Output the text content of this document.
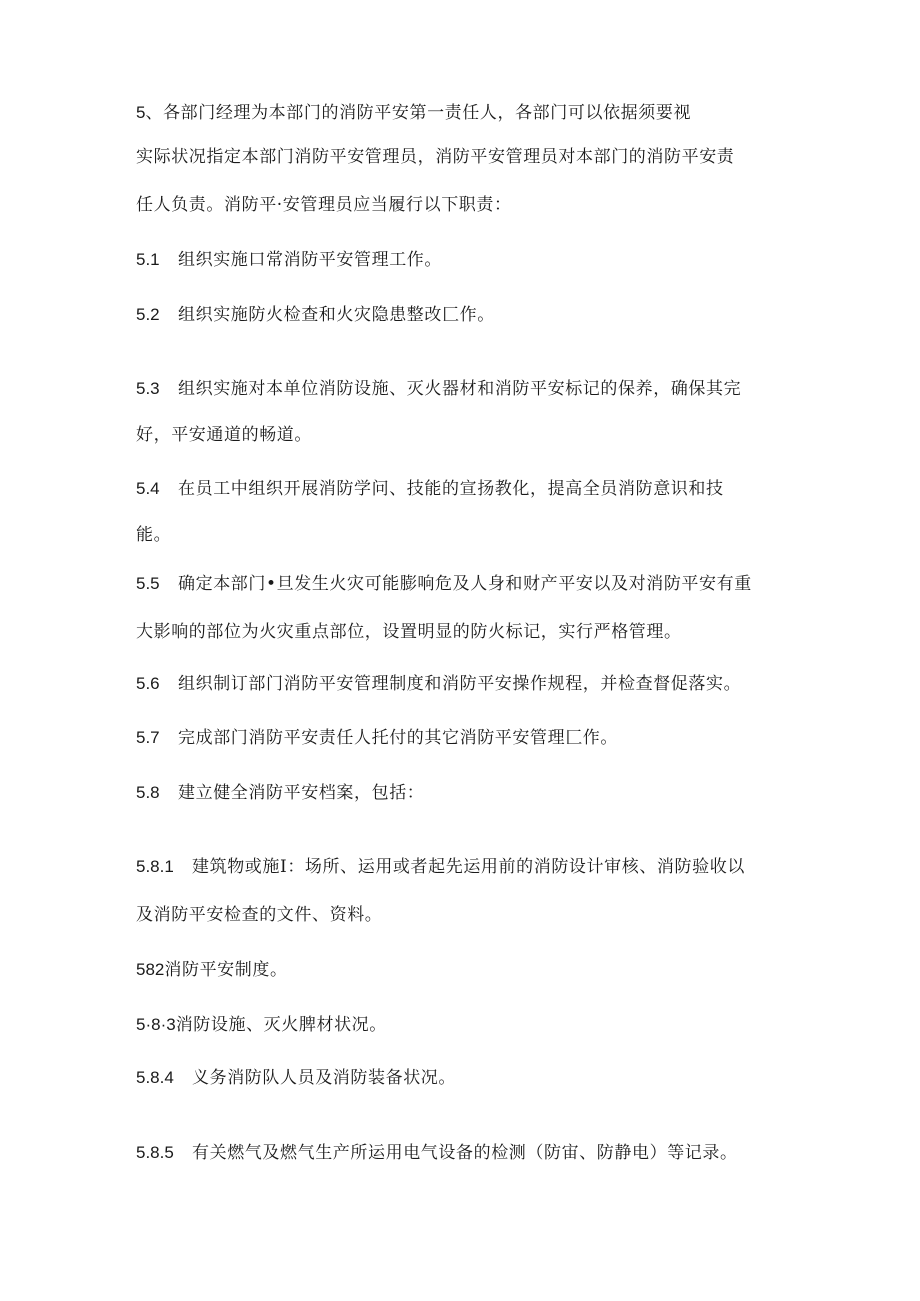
5、各部门经理为本部门的消防平安第一责任人，各部门可以依据须要视

实际状况指定本部门消防平安管理员，消防平安管理员对本部门的消防平安责

任人负责。消防平·安管理员应当履行以下职责：

5.1 组织实施口常消防平安管理工作。

5.2 组织实施防火检查和火灾隐患整改匚作。

5.3 组织实施对本单位消防设施、灭火器材和消防平安标记的保养，确保其完

好，平安通道的畅道。

5.4 在员工中组织开展消防学问、技能的宣扬教化，提高全员消防意识和技

能。

5.5 确定本部门•旦发生火灾可能膨响危及人身和财产平安以及对消防平安有重

大影响的部位为火灾重点部位，设置明显的防火标记，实行严格管理。

5.6 组织制订部门消防平安管理制度和消防平安操作规程，并检查督促落实。

5.7 完成部门消防平安责任人托付的其它消防平安管理匚作。

5.8 建立健全消防平安档案，包括：

5.8.1 建筑物或施I：场所、运用或者起先运用前的消防设计审核、消防验收以

及消防平安检查的文件、资料。

582消防平安制度。

5·8·3消防设施、灭火脾材状况。

5.8.4 义务消防队人员及消防装备状况。

5.8.5 有关燃气及燃气生产所运用电气设备的检测（防宙、防静电）等记录。
